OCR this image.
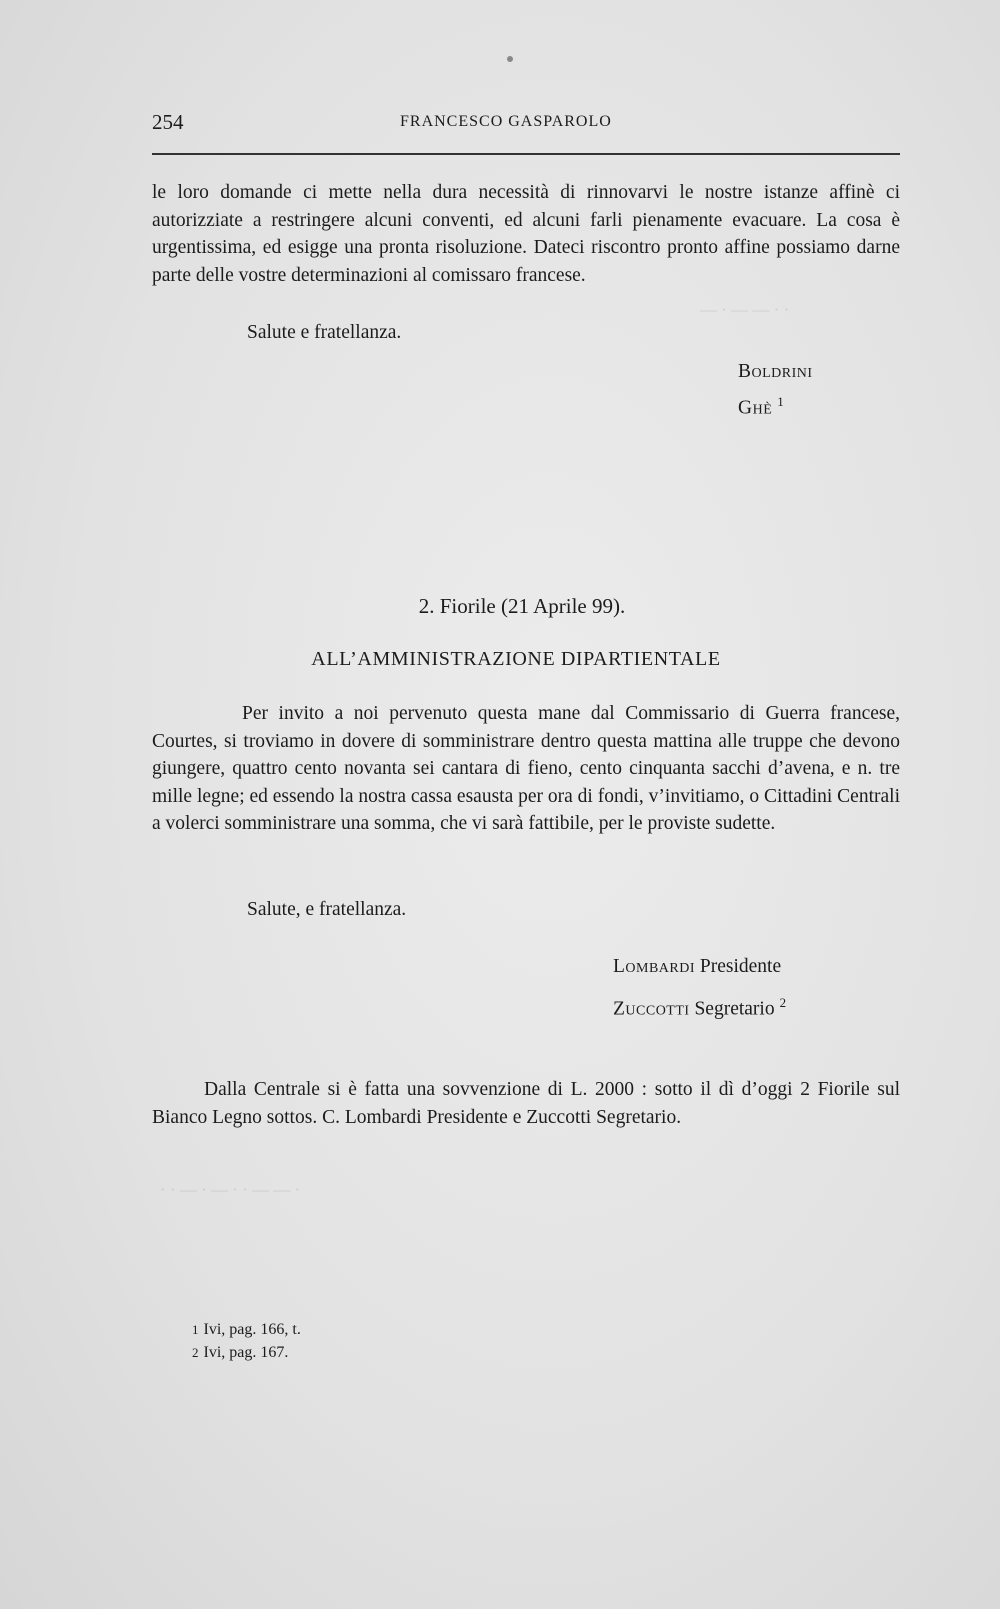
— · — — · ·
· · — · — · · — — ·
254	FRANCESCO GASPAROLO

le loro domande ci mette nella dura necessità di rinnovarvi le nostre istanze affinè ci autorizziate a restringere alcuni conventi, ed alcuni farli pienamente evacuare. La cosa è urgentissima, ed esigge una pronta risoluzione. Dateci riscontro pronto affine possiamo darne parte delle vostre determinazioni al comissaro francese.

Salute e fratellanza.
Boldrini
Ghè $^1$
2. Fiorile (21 Aprile 99).
ALL’AMMINISTRAZIONE DIPARTIENTALE

Per invito a noi pervenuto questa mane dal Commissario di Guerra francese, Courtes, si troviamo in dovere di somministrare dentro questa mattina alle truppe che devono giungere, quattro cento novanta sei cantara di fieno, cento cinquanta sacchi d’avena, e n. tre mille legne; ed essendo la nostra cassa esausta per ora di fondi, v’invitiamo, o Cittadini Centrali a volerci somministrare una somma, che vi sarà fattibile, per le proviste sudette.

Salute, e fratellanza.
Lombardi Presidente
Zuccotti Segretario $^2$

Dalla Centrale si è fatta una sovvenzione di L. 2000 : sotto il dì d’oggi 2 Fiorile sul Bianco Legno sottos. C. Lombardi Presidente e Zuccotti Segretario.

1 Ivi, pag. 166, t.
2 Ivi, pag. 167.
